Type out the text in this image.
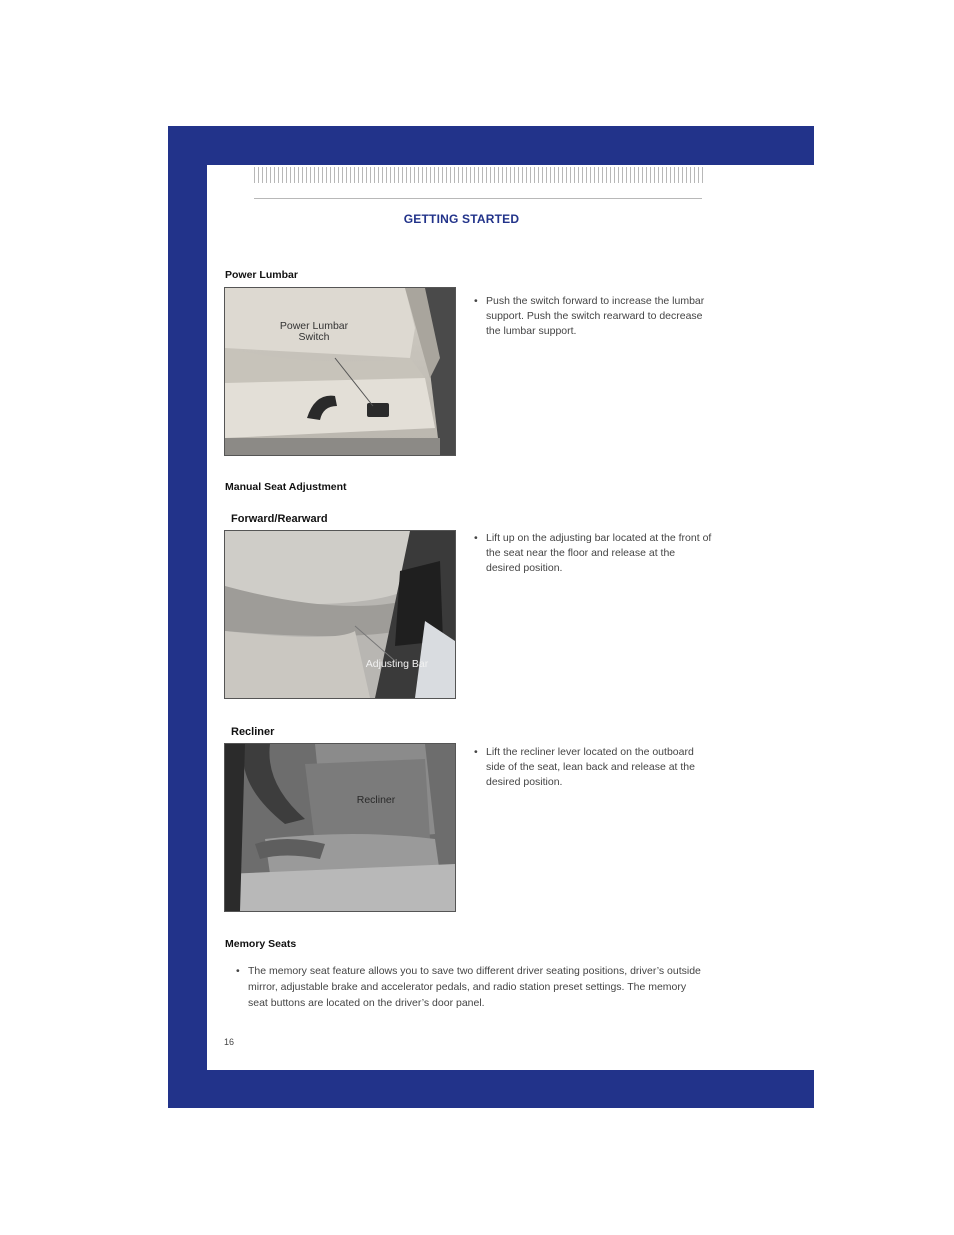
GETTING STARTED
Power Lumbar
Power Lumbar
Switch
• Push the switch forward to increase the lumbar support. Push the switch rearward to decrease the lumbar support.
Manual Seat Adjustment
Forward/Rearward
Adjusting Bar
• Lift up on the adjusting bar located at the front of the seat near the floor and release at the desired position.
Recliner
Recliner
• Lift the recliner lever located on the outboard side of the seat, lean back and release at the desired position.
Memory Seats
• The memory seat feature allows you to save two different driver seating positions, driver’s outside mirror, adjustable brake and accelerator pedals, and radio station preset settings. The memory seat buttons are located on the driver’s door panel.
16
